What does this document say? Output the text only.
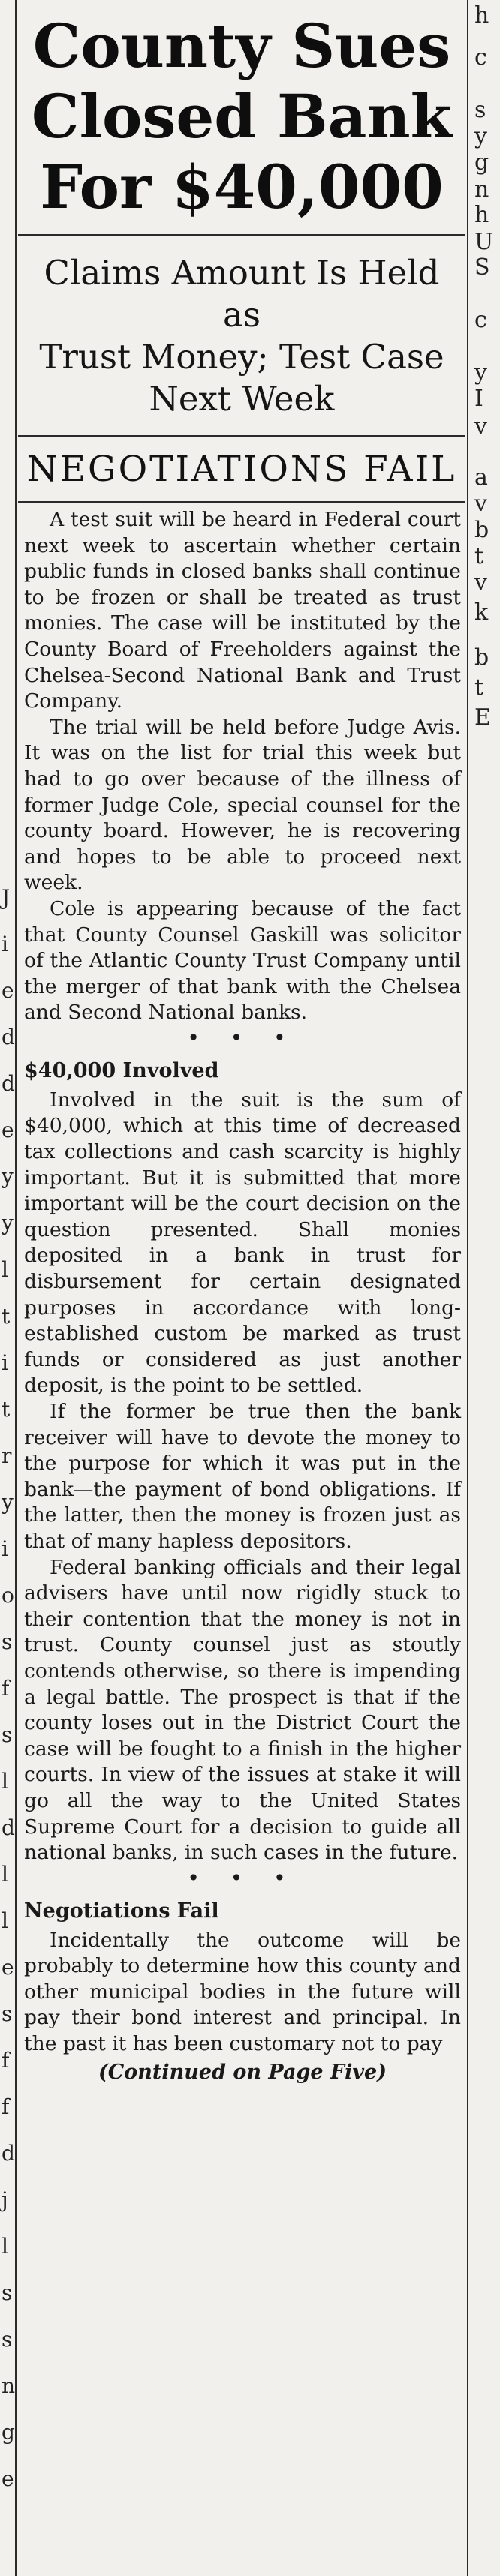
J
i
e
d
d
e
y
y
l
t
i
t
r
y
i
o
s
f
s
l
d
l
l
e
s
f
f
d
j
l
s
s
n
g
e
County Sues
Closed Bank
For $40,000
Claims Amount Is Held as
Trust Money; Test Case
Next Week
NEGOTIATIONS FAIL

A test suit will be heard in Federal court next week to ascertain whether certain public funds in closed banks shall continue to be frozen or shall be treated as trust monies. The case will be instituted by the County Board of Freeholders against the Chelsea-Second National Bank and Trust Company.

The trial will be held before Judge Avis. It was on the list for trial this week but had to go over because of the illness of former Judge Cole, special counsel for the county board. However, he is recovering and hopes to be able to proceed next week.

Cole is appearing because of the fact that County Counsel Gaskill was solicitor of the Atlantic County Trust Company until the merger of that bank with the Chelsea and Second National banks.

• • •

$40,000 Involved

Involved in the suit is the sum of $40,000, which at this time of decreased tax collections and cash scarcity is highly important. But it is submitted that more important will be the court decision on the question presented. Shall monies deposited in a bank in trust for disbursement for certain designated purposes in accordance with long-established custom be marked as trust funds or considered as just another deposit, is the point to be settled.

If the former be true then the bank receiver will have to devote the money to the purpose for which it was put in the bank—the payment of bond obligations. If the latter, then the money is frozen just as that of many hapless depositors.

Federal banking officials and their legal advisers have until now rigidly stuck to their contention that the money is not in trust. County counsel just as stoutly contends otherwise, so there is impending a legal battle. The prospect is that if the county loses out in the District Court the case will be fought to a finish in the higher courts. In view of the issues at stake it will go all the way to the United States Supreme Court for a decision to guide all national banks, in such cases in the future.

• • •

Negotiations Fail

Incidentally the outcome will be probably to determine how this county and other municipal bodies in the future will pay their bond interest and principal. In the past it has been customary not to pay

(Continued on Page Five)
h
c
s
y
g
n
h
U
S
c
y
I
v
a
v
b
t
v
k
b
t
E
